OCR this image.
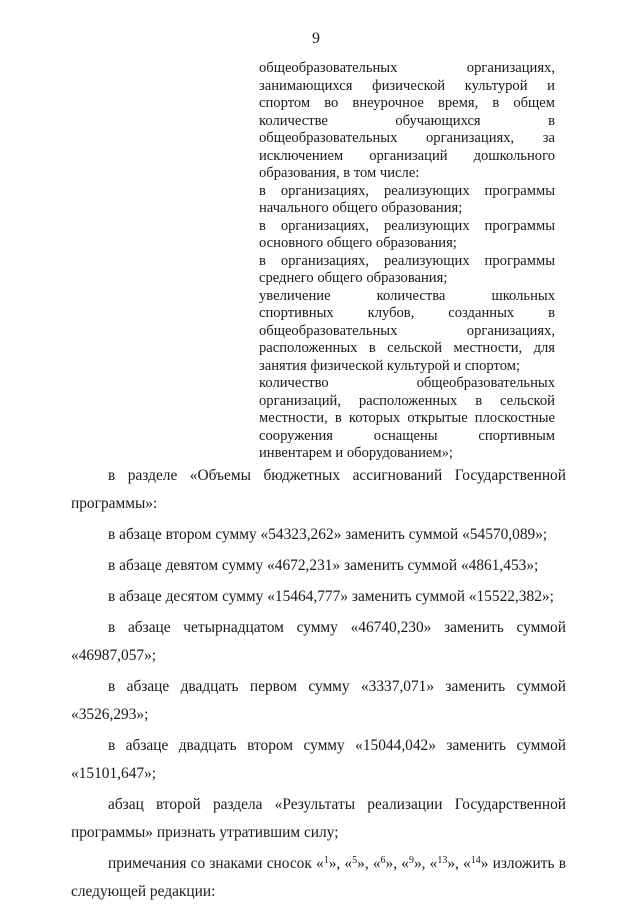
9
общеобразовательных организациях,
занимающихся физической культурой и
спортом во внеурочное время, в общем
количестве обучающихся в
общеобразовательных организациях, за
исключением организаций дошкольного
образования, в том числе:
в организациях, реализующих программы
начального общего образования;
в организациях, реализующих программы
основного общего образования;
в организациях, реализующих программы
среднего общего образования;
увеличение количества школьных
спортивных клубов, созданных в
общеобразовательных организациях,
расположенных в сельской местности, для
занятия физической культурой и спортом;
количество общеобразовательных
организаций, расположенных в сельской
местности, в которых открытые плоскостные
сооружения оснащены спортивным
инвентарем и оборудованием»;
в разделе «Объемы бюджетных ассигнований Государственной
программы»:
в абзаце втором сумму «54323,262» заменить суммой «54570,089»;
в абзаце девятом сумму «4672,231» заменить суммой «4861,453»;
в абзаце десятом сумму «15464,777» заменить суммой «15522,382»;
в абзаце четырнадцатом сумму «46740,230» заменить суммой
«46987,057»;
в абзаце двадцать первом сумму «3337,071» заменить суммой
«3526,293»;
в абзаце двадцать втором сумму «15044,042» заменить суммой
«15101,647»;
абзац второй раздела «Результаты реализации Государственной
программы» признать утратившим силу;
примечания со знаками сносок «$^1$», «$^5$», «$^6$», «$^9$», «$^{13}$», «$^{14}$» изложить в
следующей редакции:
